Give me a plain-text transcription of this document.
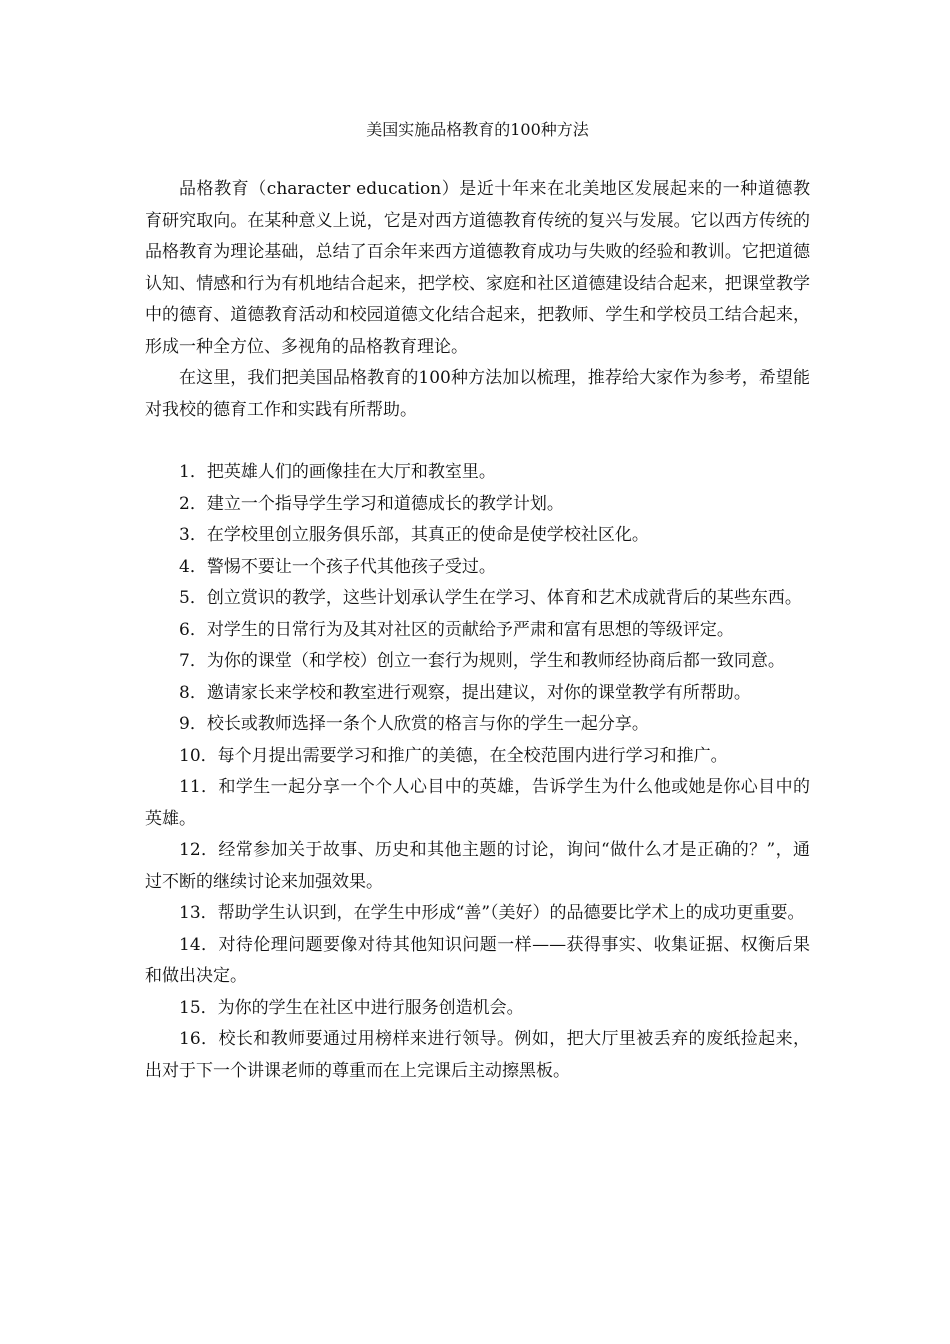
美国实施品格教育的100种方法

品格教育（character education）是近十年来在北美地区发展起来的一种道德教育研究取向。在某种意义上说，它是对西方道德教育传统的复兴与发展。它以西方传统的品格教育为理论基础，总结了百余年来西方道德教育成功与失败的经验和教训。它把道德认知、情感和行为有机地结合起来，把学校、家庭和社区道德建设结合起来，把课堂教学中的德育、道德教育活动和校园道德文化结合起来，把教师、学生和学校员工结合起来，形成一种全方位、多视角的品格教育理论。

在这里，我们把美国品格教育的100种方法加以梳理，推荐给大家作为参考，希望能对我校的德育工作和实践有所帮助。

1．把英雄人们的画像挂在大厅和教室里。
2．建立一个指导学生学习和道德成长的教学计划。
3．在学校里创立服务俱乐部，其真正的使命是使学校社区化。
4．警惕不要让一个孩子代其他孩子受过。
5．创立赏识的教学，这些计划承认学生在学习、体育和艺术成就背后的某些东西。
6．对学生的日常行为及其对社区的贡献给予严肃和富有思想的等级评定。
7．为你的课堂（和学校）创立一套行为规则，学生和教师经协商后都一致同意。
8．邀请家长来学校和教室进行观察，提出建议，对你的课堂教学有所帮助。
9．校长或教师选择一条个人欣赏的格言与你的学生一起分享。
10．每个月提出需要学习和推广的美德，在全校范围内进行学习和推广。
11．和学生一起分享一个个人心目中的英雄，告诉学生为什么他或她是你心目中的英雄。
12．经常参加关于故事、历史和其他主题的讨论，询问“做什么才是正确的？”，通过不断的继续讨论来加强效果。
13．帮助学生认识到，在学生中形成“善”（美好）的品德要比学术上的成功更重要。
14．对待伦理问题要像对待其他知识问题一样——获得事实、收集证据、权衡后果和做出决定。
15．为你的学生在社区中进行服务创造机会。
16．校长和教师要通过用榜样来进行领导。例如，把大厅里被丢弃的废纸捡起来，出对于下一个讲课老师的尊重而在上完课后主动擦黑板。
